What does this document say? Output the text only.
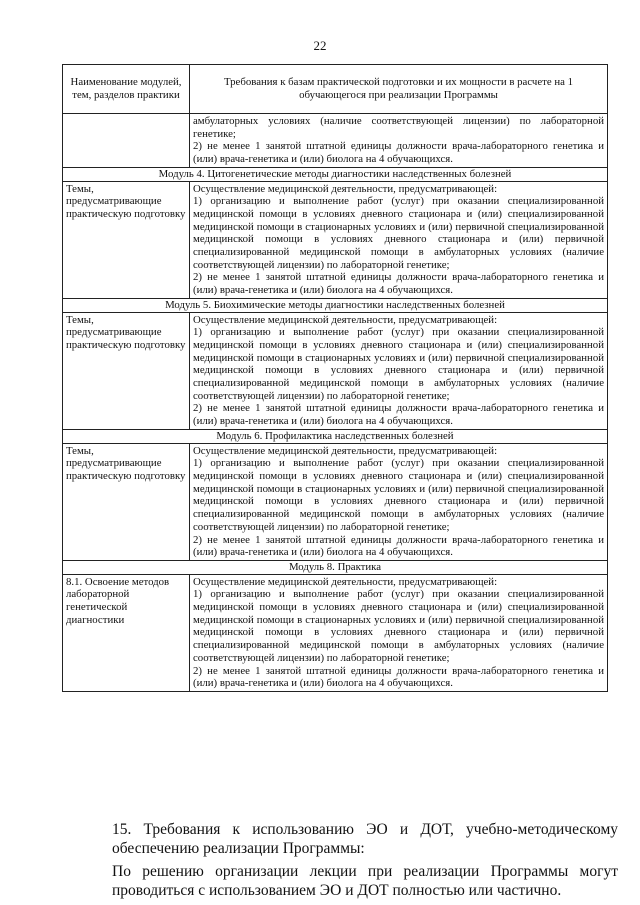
22
Наименование модулей, тем, разделов практики	Требования к базам практической подготовки и их мощности в расчете на 1 обучающегося при реализации Программы

	амбулаторных условиях (наличие соответствующей лицензии) по лабораторной генетике;
2) не менее 1 занятой штатной единицы должности врача-лабораторного генетика и (или) врача-генетика и (или) биолога на 4 обучающихся.

Модуль 4. Цитогенетические методы диагностики наследственных болезней	
Темы, предусматривающие практическую подготовку	Осуществление медицинской деятельности, предусматривающей:
1) организацию и выполнение работ (услуг) при оказании специализированной медицинской помощи в условиях дневного стационара и (или) специализированной медицинской помощи в стационарных условиях и (или) первичной специализированной медицинской помощи в условиях дневного стационара и (или) первичной специализированной медицинской помощи в амбулаторных условиях (наличие соответствующей лицензии) по лабораторной генетике;
2) не менее 1 занятой штатной единицы должности врача-лабораторного генетика и (или) врача-генетика и (или) биолога на 4 обучающихся.

Модуль 5. Биохимические методы диагностики наследственных болезней	
Темы, предусматривающие практическую подготовку	Осуществление медицинской деятельности, предусматривающей:
1) организацию и выполнение работ (услуг) при оказании специализированной медицинской помощи в условиях дневного стационара и (или) специализированной медицинской помощи в стационарных условиях и (или) первичной специализированной медицинской помощи в условиях дневного стационара и (или) первичной специализированной медицинской помощи в амбулаторных условиях (наличие соответствующей лицензии) по лабораторной генетике;
2) не менее 1 занятой штатной единицы должности врача-лабораторного генетика и (или) врача-генетика и (или) биолога на 4 обучающихся.

Модуль 6. Профилактика наследственных болезней	
Темы, предусматривающие практическую подготовку	Осуществление медицинской деятельности, предусматривающей:
1) организацию и выполнение работ (услуг) при оказании специализированной медицинской помощи в условиях дневного стационара и (или) специализированной медицинской помощи в стационарных условиях и (или) первичной специализированной медицинской помощи в условиях дневного стационара и (или) первичной специализированной медицинской помощи в амбулаторных условиях (наличие соответствующей лицензии) по лабораторной генетике;
2) не менее 1 занятой штатной единицы должности врача-лабораторного генетика и (или) врача-генетика и (или) биолога на 4 обучающихся.

Модуль 8. Практика	
8.1. Освоение методов лабораторной генетической диагностики	Осуществление медицинской деятельности, предусматривающей:
1) организацию и выполнение работ (услуг) при оказании специализированной медицинской помощи в условиях дневного стационара и (или) специализированной медицинской помощи в стационарных условиях и (или) первичной специализированной медицинской помощи в условиях дневного стационара и (или) первичной специализированной медицинской помощи в амбулаторных условиях (наличие соответствующей лицензии) по лабораторной генетике;
2) не менее 1 занятой штатной единицы должности врача-лабораторного генетика и (или) врача-генетика и (или) биолога на 4 обучающихся.
15. Требования к использованию ЭО и ДОТ, учебно-методическому обеспечению реализации Программы:
По решению организации лекции при реализации Программы могут проводиться с использованием ЭО и ДОТ полностью или частично.
